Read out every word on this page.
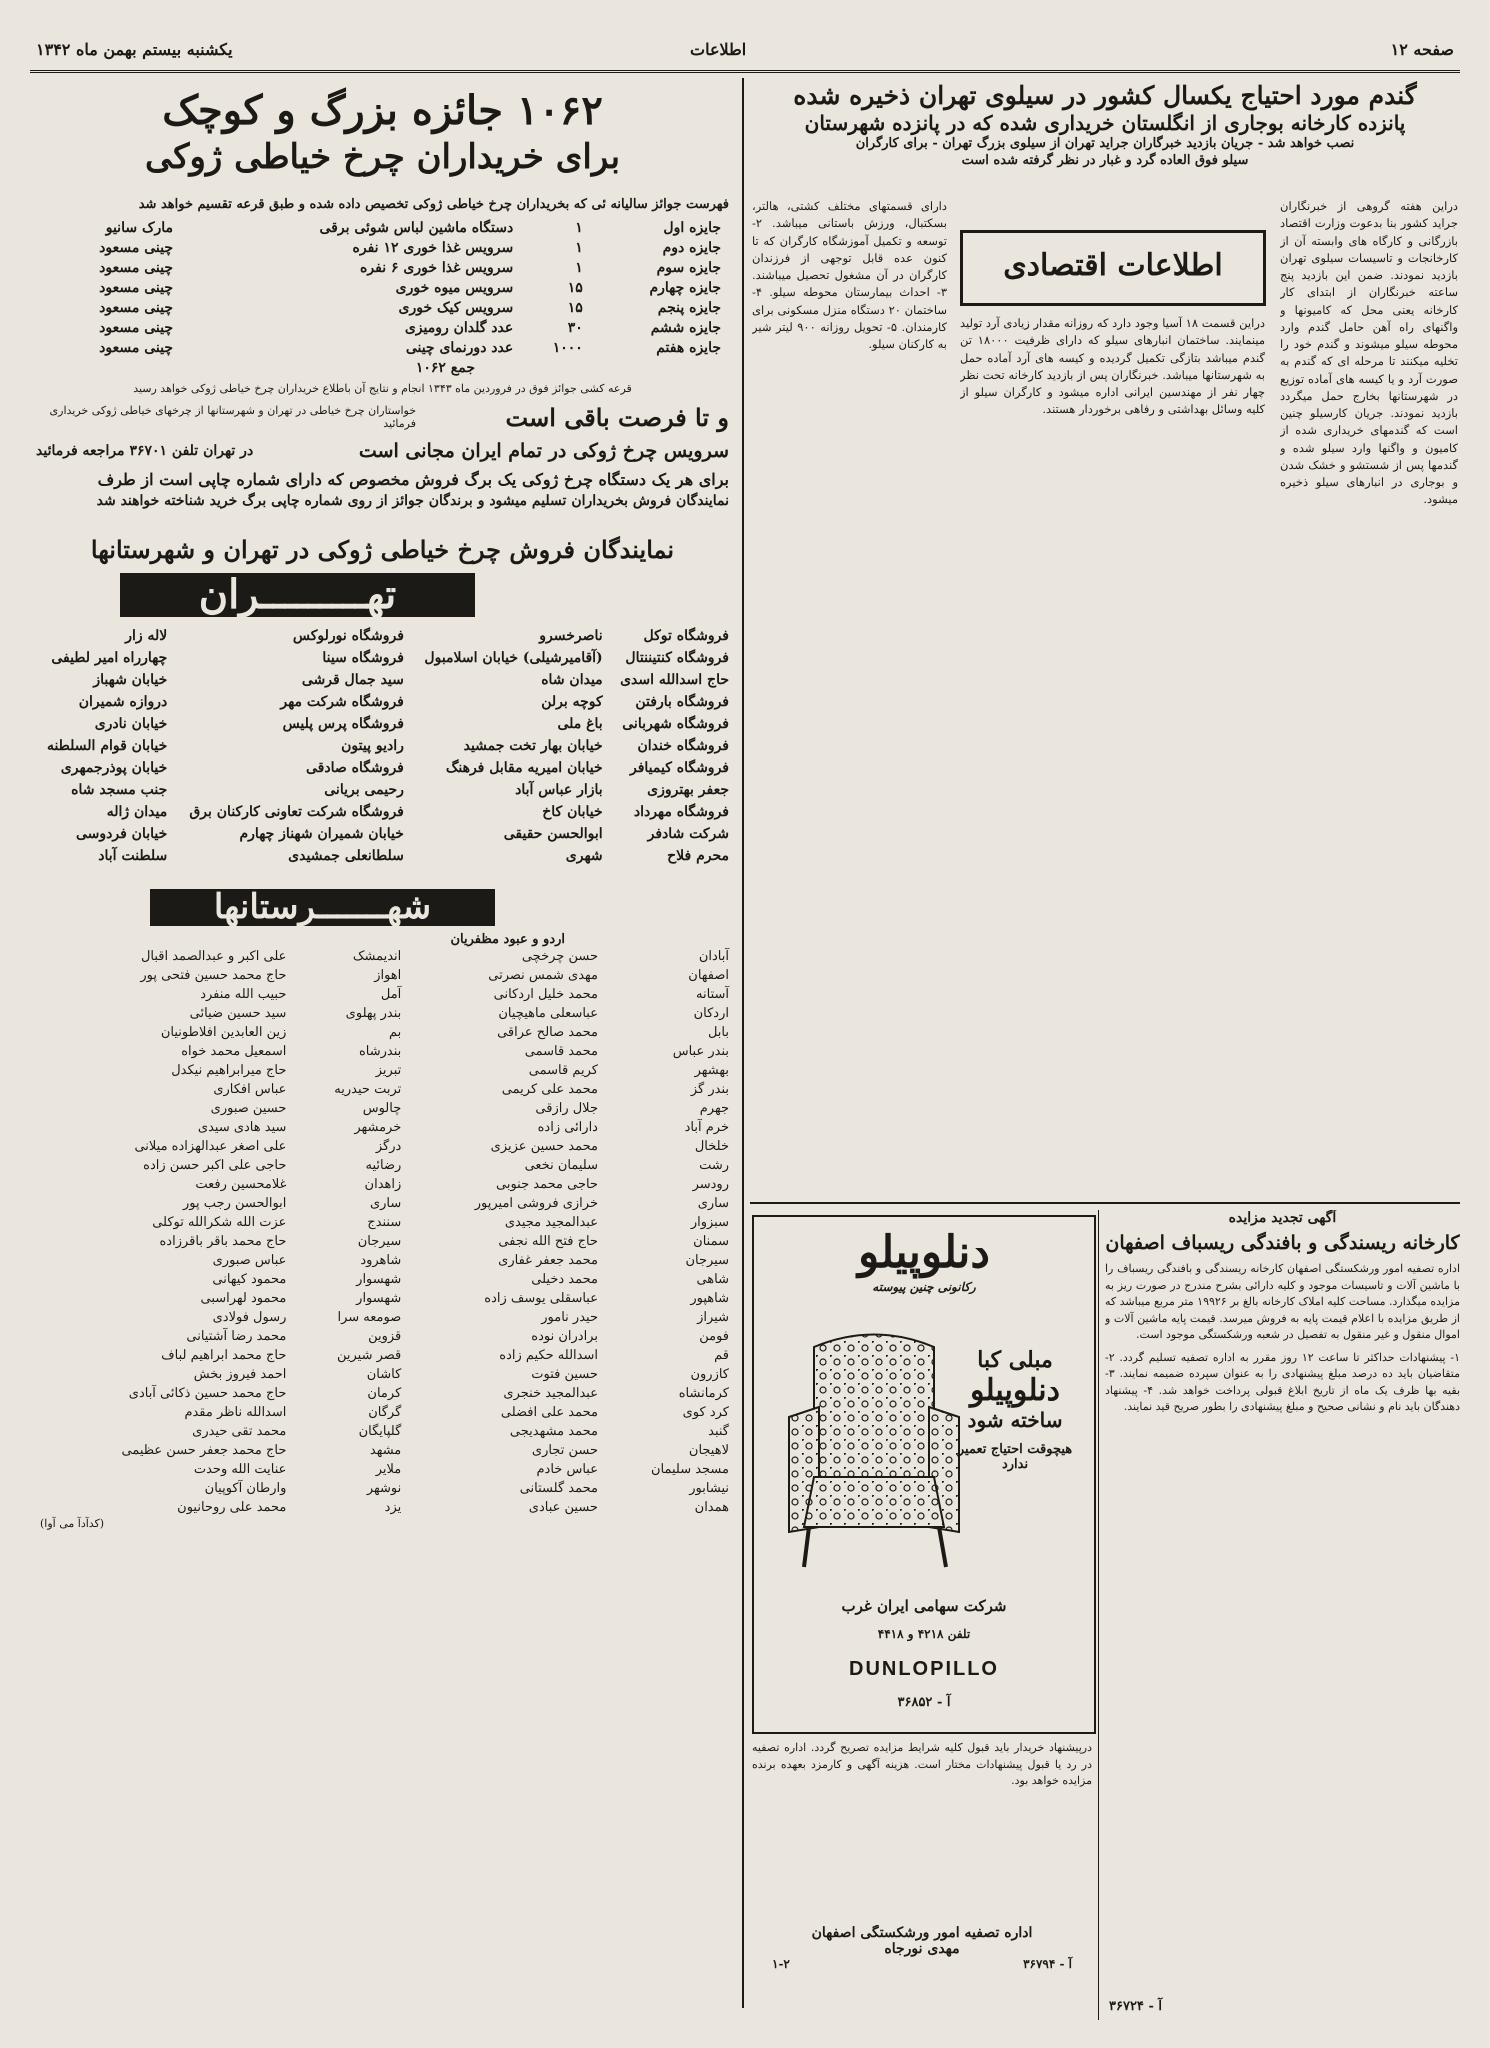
یکشنبه بیستم بهمن ماه ۱۳۴۲	اطلاعات	صفحه ۱۲
گندم مورد احتیاج یکسال کشور در سیلوی تهران ذخیره شده
پانزده کارخانه بوجاری از انگلستان خریداری شده که در پانزده شهرستان
نصب خواهد شد - جریان بازدید خبرگاران جراید تهران از سیلوی بزرگ تهران - برای کارگران
سیلو فوق العاده گرد و غبار در نظر گرفته شده است
دراین هفته گروهی از خبرنگاران جراید کشور بنا بدعوت وزارت اقتصاد بازرگانی و کارگاه های وابسته آن از کارخانجات و تاسیسات سیلوی تهران بازدید نمودند. ضمن این بازدید پنج ساعته خبرنگاران از ابتدای کار کارخانه یعنی محل که کامیونها و واگنهای راه آهن حامل گندم وارد محوطه سیلو میشوند و گندم خود را تخلیه میکنند تا مرحله ای که گندم به صورت آرد و یا کیسه های آماده توزیع در شهرستانها بخارج حمل میگردد بازدید نمودند. جریان کارسیلو چنین است که گندمهای خریداری شده از کامیون و واگنها وارد سیلو شده و گندمها پس از شستشو و خشک شدن و بوجاری در انبارهای سیلو ذخیره میشود.
اطلاعات اقتصادی
دراین قسمت ۱۸ آسیا وجود دارد که روزانه مقدار زیادی آرد تولید مینمایند. ساختمان انبارهای سیلو که دارای ظرفیت ۱۸۰۰۰ تن گندم میباشد بتازگی تکمیل گردیده و کیسه های آرد آماده حمل به شهرستانها میباشد. خبرنگاران پس از بازدید کارخانه تحت نظر چهار نفر از مهندسین ایرانی اداره میشود و کارگران سیلو از کلیه وسائل بهداشتی و رفاهی برخوردار هستند.
دارای قسمتهای مختلف کشتی، هالتر، بسکتبال، ورزش باستانی میباشد. ۲- توسعه و تکمیل آموزشگاه کارگران که تا کنون عده قابل توجهی از فرزندان کارگران در آن مشغول تحصیل میباشند. ۳- احداث بیمارستان محوطه سیلو. ۴- ساختمان ۲۰ دستگاه منزل مسکونی برای کارمندان. ۵- تحویل روزانه ۹۰۰ لیتر شیر به کارکنان سیلو.
آگهی تجدید مزایده
کارخانه ریسندگی و بافندگی ریسباف اصفهان
اداره تصفیه امور ورشکستگی اصفهان کارخانه ریسندگی و بافندگی ریسباف را با ماشین آلات و تاسیسات موجود و کلیه دارائی بشرح مندرج در صورت ریز به مزایده میگذارد. مساحت کلیه املاک کارخانه بالغ بر ۱۹۹۲۶ متر مربع میباشد که از طریق مزایده با اعلام قیمت پایه به فروش میرسد. قیمت پایه ماشین آلات و اموال منقول و غیر منقول به تفصیل در شعبه ورشکستگی موجود است.
۱- پیشنهادات حداکثر تا ساعت ۱۲ روز مقرر به اداره تصفیه تسلیم گردد. ۲- متقاضیان باید ده درصد مبلغ پیشنهادی را به عنوان سپرده ضمیمه نمایند. ۳- بقیه بها ظرف یک ماه از تاریخ ابلاغ قبولی پرداخت خواهد شد. ۴- پیشنهاد دهندگان باید نام و نشانی صحیح و مبلغ پیشنهادی را بطور صریح قید نمایند.
آ - ۳۶۷۲۴
دنلوپیلو
رکانونی چنین پیوسته
مبلی کبا
دنلوپیلو
ساخته شود
هیچوقت احتیاج تعمیر ندارد
شرکت سهامی ایران غرب
تلفن ۴۲۱۸ و ۴۴۱۸
DUNLOPILLO
آ - ۳۶۸۵۲
درپیشنهاد خریدار باید قبول کلیه شرایط مزایده تصریح گردد. اداره تصفیه در رد یا قبول پیشنهادات مختار است. هزینه آگهی و کارمزد بعهده برنده مزایده خواهد بود.
اداره تصفیه امور ورشکستگی اصفهان
مهدی نورجاه
آ - ۳۶۷۹۴
۱-۲
۱۰۶۲ جائزه بزرگ و کوچک
برای خریداران چرخ خیاطی ژوکی
فهرست جوائز سالیانه ئی که بخریداران چرخ خیاطی ژوکی تخصیص داده شده و طبق قرعه تقسیم خواهد شد
جایزه اول	۱	دستگاه ماشین لباس شوئی برقی	مارک سانیو
جایزه دوم	۱	سرویس غذا خوری ۱۲ نفره	چینی مسعود
جایزه سوم	۱	سرویس غذا خوری ۶ نفره	چینی مسعود
جایزه چهارم	۱۵	سرویس میوه خوری	چینی مسعود
جایزه پنجم	۱۵	سرویس کیک خوری	چینی مسعود
جایزه ششم	۳۰	عدد گلدان رومیزی	چینی مسعود
جایزه هفتم	۱۰۰۰	عدد دورنمای چینی	چینی مسعود
جمع ۱۰۶۲
قرعه کشی جوائز فوق در فروردین ماه ۱۳۴۳ انجام و نتایج آن باطلاع خریداران چرخ خیاطی ژوکی خواهد رسید
و تا فرصت باقی است
خواستاران چرخ خیاطی در تهران و شهرستانها از چرخهای خیاطی ژوکی خریداری فرمائید
سرویس چرخ ژوکی در تمام ایران مجانی است
در تهران تلفن ۳۶۷۰۱ مراجعه فرمائید
برای هر یک دستگاه چرخ ژوکی یک برگ فروش مخصوص که دارای شماره چاپی است از طرف
نمایندگان فروش بخریداران تسلیم میشود و برندگان جوائز از روی شماره چاپی برگ خرید شناخته خواهند شد
نمایندگان فروش چرخ خیاطی ژوکی در تهران و شهرستانها
تهـــــــــران
فروشگاه توکل	ناصرخسرو	فروشگاه نورلوکس	لاله زار
فروشگاه کنتیننتال	(آقامیرشیلی) خیابان اسلامبول	فروشگاه سینا	چهارراه امیر لطیفی
حاج اسدالله اسدی	میدان شاه	سید جمال قرشی	خیابان شهباز
فروشگاه بارفتن	کوچه برلن	فروشگاه شرکت مهر	دروازه شمیران
فروشگاه شهربانی	باغ ملی	فروشگاه پرس پلیس	خیابان نادری
فروشگاه خندان	خیابان بهار تخت جمشید	رادیو پیتون	خیابان قوام السلطنه
فروشگاه کیمیافر	خیابان امیریه مقابل فرهنگ	فروشگاه صادقی	خیابان پوذرجمهری
جعفر بهتروزی	بازار عباس آباد	رحیمی بریانی	جنب مسجد شاه
فروشگاه مهرداد	خیابان کاخ	فروشگاه شرکت تعاونی کارکنان برق	میدان ژاله
شرکت شادفر	ابوالحسن حقیقی	خیابان شمیران شهناز چهارم	خیابان فردوسی
محرم فلاح	شهری	سلطانعلی جمشیدی	سلطنت آباد
شهـــــــرستانها
اردو و عبود مظفریان
آبادان	حسن چرخچی	اندیمشک	علی اکبر و عبدالصمد اقبال
اصفهان	مهدی شمس نصرتی	اهواز	حاج محمد حسین فتحی پور
آستانه	محمد خلیل اردکانی	آمل	حبیب الله منفرد
اردکان	عباسعلی ماهیچیان	بندر پهلوی	سید حسین ضیائی
بابل	محمد صالح عراقی	بم	زین العابدین افلاطونیان
بندر عباس	محمد قاسمی	بندرشاه	اسمعیل محمد خواه
بهشهر	کریم قاسمی	تبریز	حاج میرابراهیم نیکدل
بندر گز	محمد علی کریمی	تربت حیدریه	عباس افکاری
جهرم	جلال رازقی	چالوس	حسین صبوری
خرم آباد	دارائی زاده	خرمشهر	سید هادی سیدی
خلخال	محمد حسین عزیزی	درگز	علی اصغر عبدالهزاده میلانی
رشت	سلیمان نخعی	رضائیه	حاجی علی اکبر حسن زاده
رودسر	حاجی محمد جنوبی	زاهدان	غلامحسین رفعت
ساری	خرازی فروشی امیرپور	ساری	ابوالحسن رجب پور
سبزوار	عبدالمجید مجیدی	سنندج	عزت الله شکرالله توکلی
سمنان	حاج فتح الله نجفی	سیرجان	حاج محمد باقر باقرزاده
سیرجان	محمد جعفر غفاری	شاهرود	عباس صبوری
شاهی	محمد دخیلی	شهسوار	محمود کیهانی
شاهپور	عباسقلی یوسف زاده	شهسوار	محمود لهراسبی
شیراز	حیدر نامور	صومعه سرا	رسول فولادی
فومن	برادران نوده	قزوین	محمد رضا آشتیانی
قم	اسدالله حکیم زاده	قصر شیرین	حاج محمد ابراهیم لباف
کازرون	حسین فتوت	کاشان	احمد فیروز بخش
کرمانشاه	عبدالمجید خنجری	کرمان	حاج محمد حسین ذکائی آبادی
کرد کوی	محمد علی افضلی	گرگان	اسدالله ناظر مقدم
گنبد	محمد مشهدیجی	گلپایگان	محمد تقی حیدری
لاهیجان	حسن تجاری	مشهد	حاج محمد جعفر حسن عظیمی
مسجد سلیمان	عباس خادم	ملایر	عنایت الله وحدت
نیشابور	محمد گلستانی	نوشهر	وارطان آکوپیان
همدان	حسین عبادی	یزد	محمد علی روحانیون
(کدآدآ می آوا)
